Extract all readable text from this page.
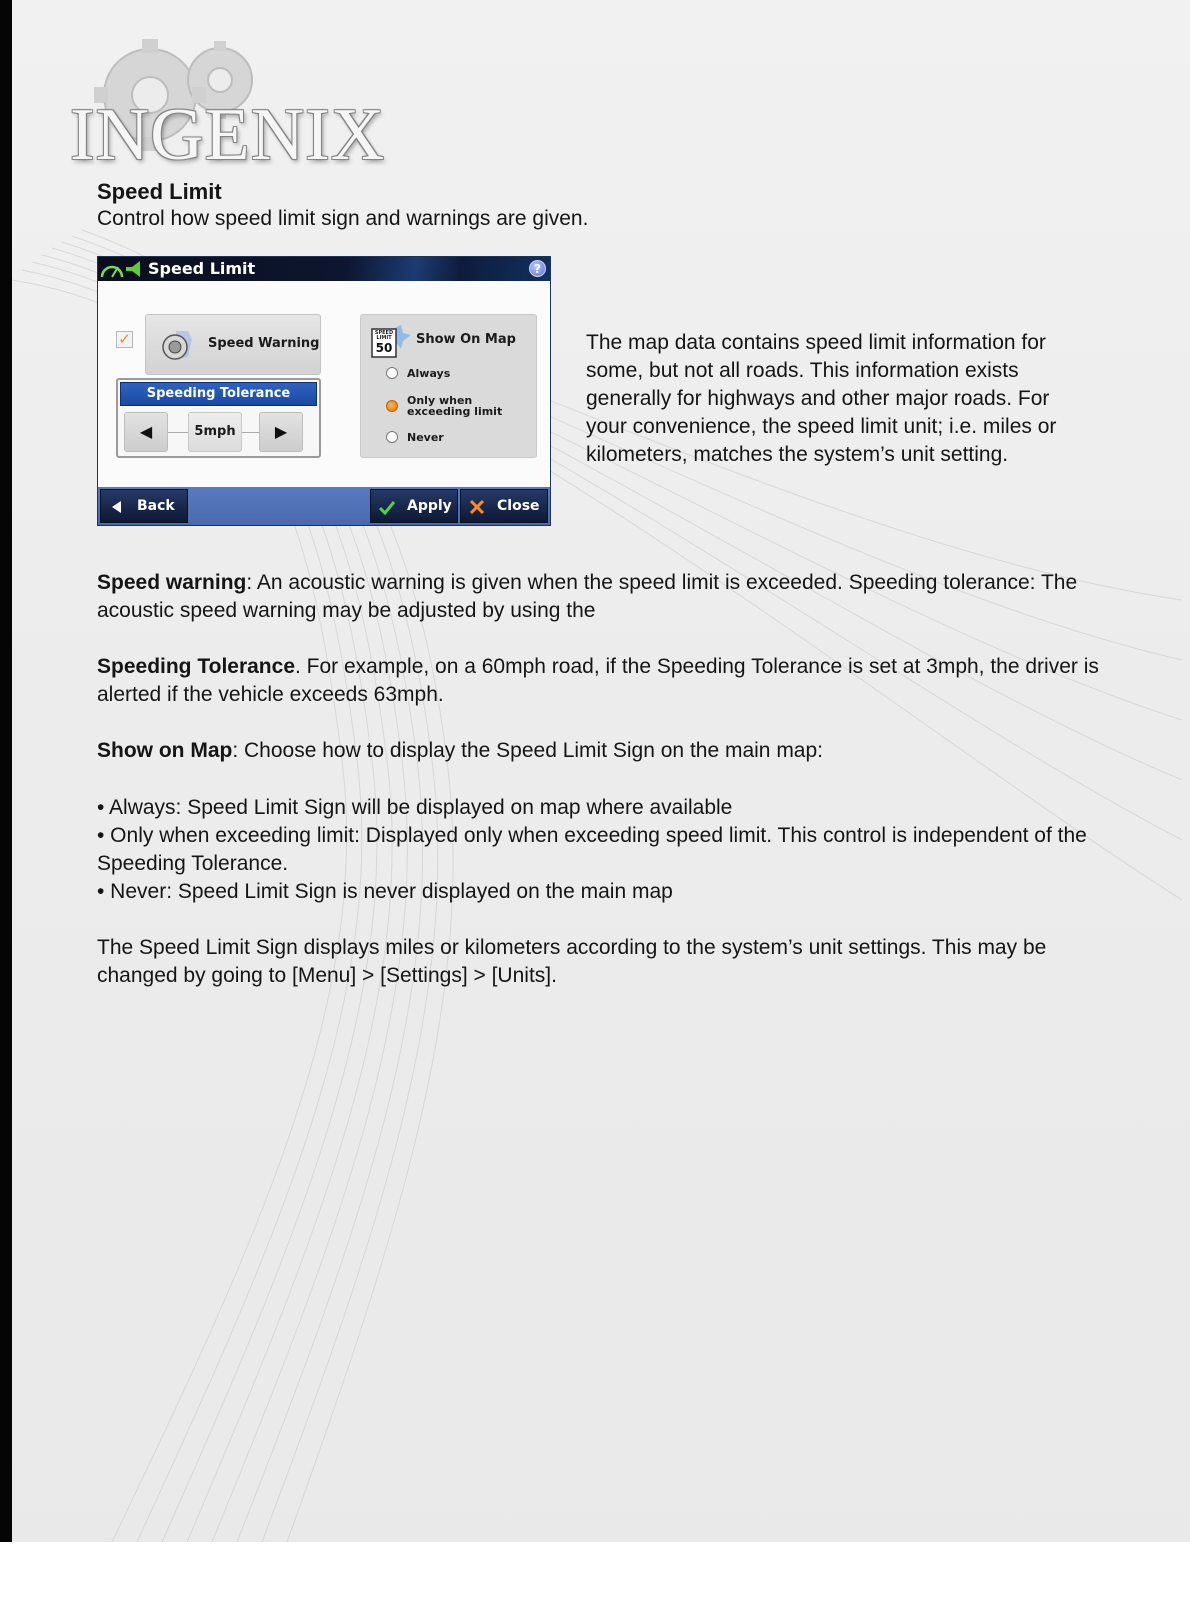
INGENIX
Speed Limit
Control how speed limit sign and warnings are given.
Speed Limit	?
✓	Speed Warning
Speeding Tolerance
◀	5mph	▶
SPEED LIMIT
50
Show On Map
Always
Only when exceeding limit
Never
Back	Apply	Close
The map data contains speed limit information for some, but not all roads. This information exists generally for highways and other major roads. For your convenience, the speed limit unit; i.e. miles or kilometers, matches the system’s unit setting.
Speed warning: An acoustic warning is given when the speed limit is exceeded. Speeding tolerance: The acoustic speed warning may be adjusted by using the
Speeding Tolerance. For example, on a 60mph road, if the Speeding Tolerance is set at 3mph, the driver is alerted if the vehicle exceeds 63mph.
Show on Map: Choose how to display the Speed Limit Sign on the main map:
• Always: Speed Limit Sign will be displayed on map where available
• Only when exceeding limit: Displayed only when exceeding speed limit. This control is independent of the Speeding Tolerance.
• Never: Speed Limit Sign is never displayed on the main map
The Speed Limit Sign displays miles or kilometers according to the system’s unit settings. This may be changed by going to [Menu] > [Settings] > [Units].
